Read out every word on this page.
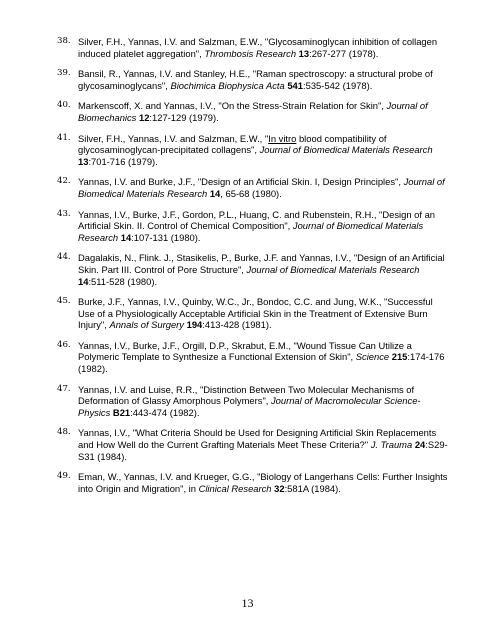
38. Silver, F.H., Yannas, I.V. and Salzman, E.W., "Glycosaminoglycan inhibition of collagen induced platelet aggregation", Thrombosis Research 13:267-277 (1978).
39. Bansil, R., Yannas, I.V. and Stanley, H.E., "Raman spectroscopy: a structural probe of glycosaminoglycans", Biochimica Biophysica Acta 541:535-542 (1978).
40. Markenscoff, X. and Yannas, I.V., "On the Stress-Strain Relation for Skin", Journal of Biomechanics 12:127-129 (1979).
41. Silver, F.H., Yannas, I.V. and Salzman, E.W., "In vitro blood compatibility of glycosaminoglycan-precipitated collagens", Journal of Biomedical Materials Research 13:701-716 (1979).
42. Yannas, I.V. and Burke, J.F., "Design of an Artificial Skin. I, Design Principles", Journal of Biomedical Materials Research 14, 65-68 (1980).
43. Yannas, I.V., Burke, J.F., Gordon, P.L., Huang, C. and Rubenstein, R.H., "Design of an Artificial Skin. II. Control of Chemical Composition", Journal of Biomedical Materials Research 14:107-131 (1980).
44. Dagalakis, N., Flink. J., Stasikelis, P., Burke, J.F. and Yannas, I.V., "Design of an Artificial Skin. Part III. Control of Pore Structure", Journal of Biomedical Materials Research 14:511-528 (1980).
45. Burke, J.F., Yannas, I.V., Quinby, W.C., Jr., Bondoc, C.C. and Jung, W.K., "Successful Use of a Physiologically Acceptable Artificial Skin in the Treatment of Extensive Burn Injury", Annals of Surgery 194:413-428 (1981).
46. Yannas, I.V., Burke, J.F., Orgill, D.P., Skrabut, E.M., "Wound Tissue Can Utilize a Polymeric Template to Synthesize a Functional Extension of Skin", Science 215:174-176 (1982).
47. Yannas, I.V. and Luise, R.R., "Distinction Between Two Molecular Mechanisms of Deformation of Glassy Amorphous Polymers", Journal of Macromolecular Science-Physics B21:443-474 (1982).
48. Yannas, I.V., "What Criteria Should be Used for Designing Artificial Skin Replacements and How Well do the Current Grafting Materials Meet These Criteria?" J. Trauma 24:S29-S31 (1984).
49. Eman, W., Yannas, I.V. and Krueger, G.G., "Biology of Langerhans Cells: Further Insights into Origin and Migration", in Clinical Research 32:581A (1984).
13
